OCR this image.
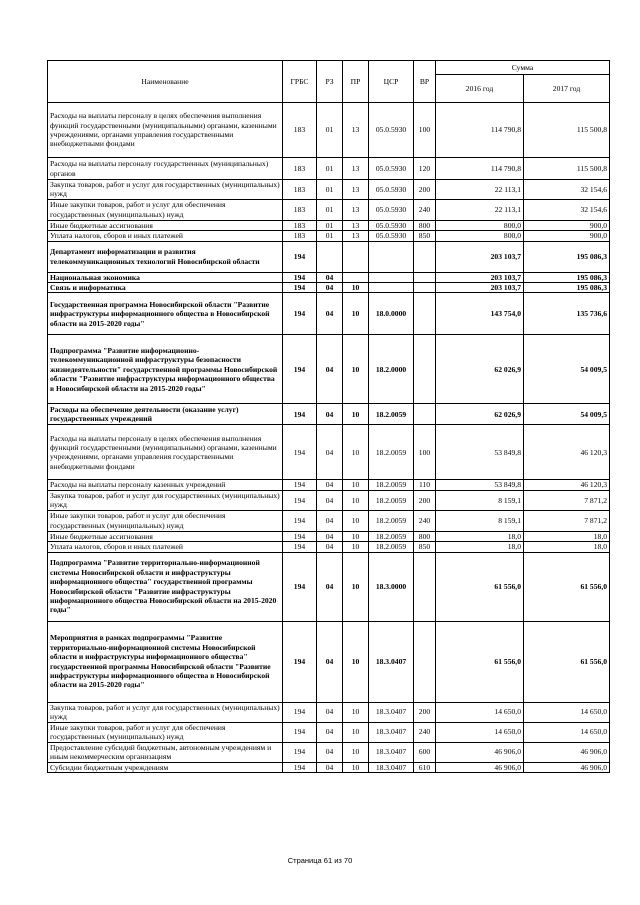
Наименование	ГРБС	РЗ	ПР	ЦСР	ВР	Сумма	
						2016 год	2017 год
Расходы на выплаты персоналу в целях обеспечения выполнения функций государственными (муниципальными) органами, казенными учреждениями, органами управления государственными внебюджетными фондами	183	01	13	05.0.5930	100	114 790,8	115 500,8
Расходы на выплаты персоналу государственных (муниципальных) органов	183	01	13	05.0.5930	120	114 790,8	115 500,8
Закупка товаров, работ и услуг для государственных (муниципальных) нужд	183	01	13	05.0.5930	200	22 113,1	32 154,6
Иные закупки товаров, работ и услуг для обеспечения государственных (муниципальных) нужд	183	01	13	05.0.5930	240	22 113,1	32 154,6
Иные бюджетные ассигнования	183	01	13	05.0.5930	800	800,0	900,0
Уплата налогов, сборов и иных платежей	183	01	13	05.0.5930	850	800,0	900,0
Департамент информатизации и развития телекоммуникационных технологий Новосибирской области	194					203 103,7	195 086,3
Национальная экономика	194	04				203 103,7	195 086,3
Связь и информатика	194	04	10			203 103,7	195 086,3
Государственная программа Новосибирской области "Развитие инфраструктуры информационного общества в Новосибирской области на 2015-2020 годы"	194	04	10	18.0.0000		143 754,0	135 736,6
Подпрограмма "Развитие информационно-телекоммуникационной инфраструктуры безопасности жизнедеятельности" государственной программы Новосибирской области "Развитие инфраструктуры информационного общества в Новосибирской области на 2015-2020 годы"	194	04	10	18.2.0000		62 026,9	54 009,5
Расходы на обеспечение деятельности (оказание услуг) государственных учреждений	194	04	10	18.2.0059		62 026,9	54 009,5
Расходы на выплаты персоналу в целях обеспечения выполнения функций государственными (муниципальными) органами, казенными учреждениями, органами управления государственными внебюджетными фондами	194	04	10	18.2.0059	100	53 849,8	46 120,3
Расходы на выплаты персоналу казенных учреждений	194	04	10	18.2.0059	110	53 849,8	46 120,3
Закупка товаров, работ и услуг для государственных (муниципальных) нужд	194	04	10	18.2.0059	200	8 159,1	7 871,2
Иные закупки товаров, работ и услуг для обеспечения государственных (муниципальных) нужд	194	04	10	18.2.0059	240	8 159,1	7 871,2
Иные бюджетные ассигнования	194	04	10	18.2.0059	800	18,0	18,0
Уплата налогов, сборов и иных платежей	194	04	10	18.2.0059	850	18,0	18,0
Подпрограмма "Развитие территориально-информационной системы Новосибирской области и инфраструктуры информационного общества" государственной программы Новосибирской области "Развитие инфраструктуры информационного общества Новосибирской области на 2015-2020 годы"	194	04	10	18.3.0000		61 556,0	61 556,0
Мероприятия в рамках подпрограммы "Развитие территориально-информационной системы Новосибирской области и инфраструктуры информационного общества" государственной программы Новосибирской области "Развитие инфраструктуры информационного общества в Новосибирской области на 2015-2020 годы"	194	04	10	18.3.0407		61 556,0	61 556,0
Закупка товаров, работ и услуг для государственных (муниципальных) нужд	194	04	10	18.3.0407	200	14 650,0	14 650,0
Иные закупки товаров, работ и услуг для обеспечения государственных (муниципальных) нужд	194	04	10	18.3.0407	240	14 650,0	14 650,0
Предоставление субсидий бюджетным, автономным учреждениям и иным некоммерческим организациям	194	04	10	18.3.0407	600	46 906,0	46 906,0
Субсидии бюджетным учреждениям	194	04	10	18.3.0407	610	46 906,0	46 906,0
Страница 61 из 70
